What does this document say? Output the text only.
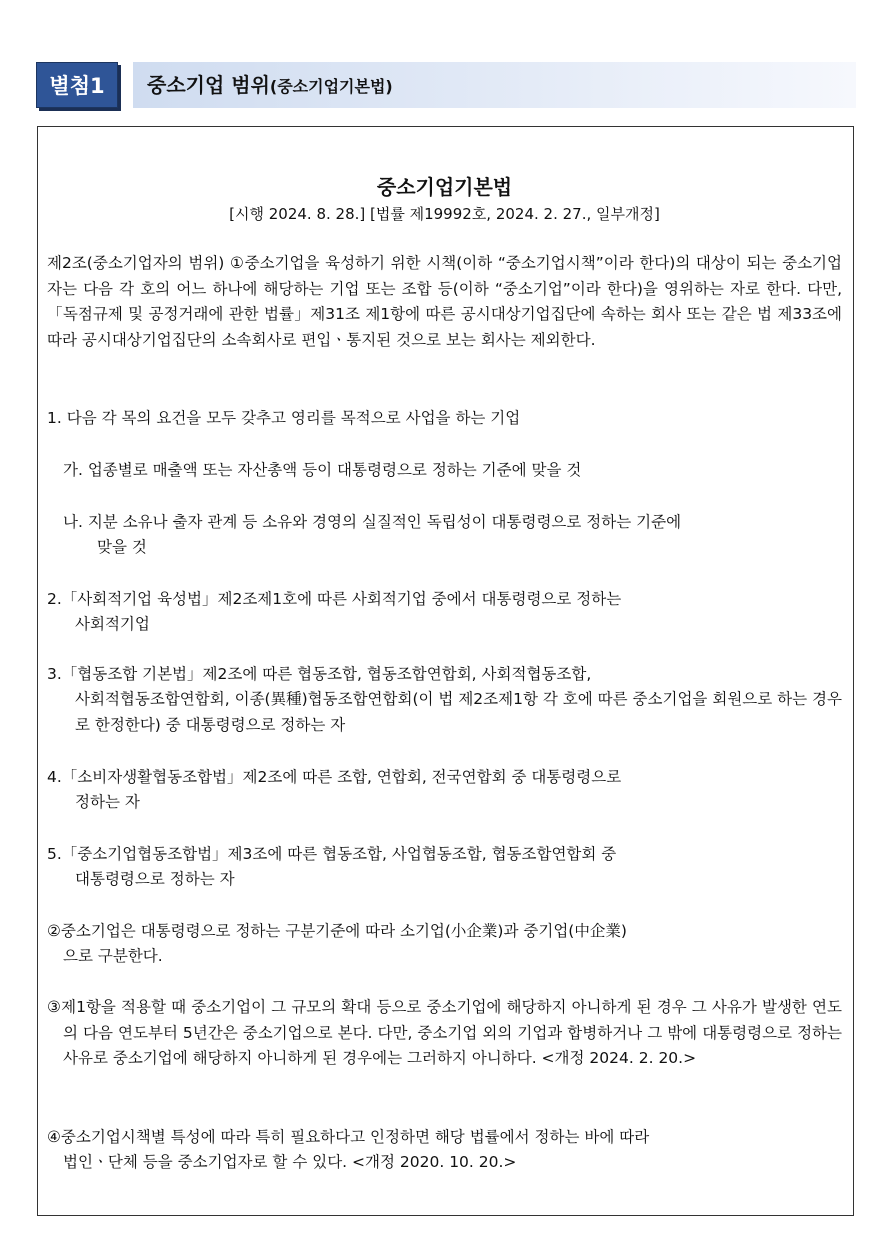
별첨1	중소기업 범위(중소기업기본법)
중소기업기본법
[시행 2024. 8. 28.] [법률 제19992호, 2024. 2. 27., 일부개정]
제2조(중소기업자의 범위) ①중소기업을 육성하기 위한 시책(이하 “중소기업시책”이라 한다)의 대상이 되는 중소기업자는 다음 각 호의 어느 하나에 해당하는 기업 또는 조합 등(이하 “중소기업”이라 한다)을 영위하는 자로 한다. 다만,「독점규제 및 공정거래에 관한 법률」제31조 제1항에 따른 공시대상기업집단에 속하는 회사 또는 같은 법 제33조에 따라 공시대상기업집단의 소속회사로 편입ㆍ통지된 것으로 보는 회사는 제외한다.
1. 다음 각 목의 요건을 모두 갖추고 영리를 목적으로 사업을 하는 기업
가. 업종별로 매출액 또는 자산총액 등이 대통령령으로 정하는 기준에 맞을 것
나. 지분 소유나 출자 관계 등 소유와 경영의 실질적인 독립성이 대통령령으로 정하는 기준에
맞을 것
2.「사회적기업 육성법」제2조제1호에 따른 사회적기업 중에서 대통령령으로 정하는
사회적기업
3.「협동조합 기본법」제2조에 따른 협동조합, 협동조합연합회, 사회적협동조합,
사회적협동조합연합회, 이종(異種)협동조합연합회(이 법 제2조제1항 각 호에 따른 중소기업을 회원으로 하는 경우로 한정한다) 중 대통령령으로 정하는 자
4.「소비자생활협동조합법」제2조에 따른 조합, 연합회, 전국연합회 중 대통령령으로
정하는 자
5.「중소기업협동조합법」제3조에 따른 협동조합, 사업협동조합, 협동조합연합회 중
대통령령으로 정하는 자
②중소기업은 대통령령으로 정하는 구분기준에 따라 소기업(小企業)과 중기업(中企業)
으로 구분한다.
③제1항을 적용할 때 중소기업이 그 규모의 확대 등으로 중소기업에 해당하지 아니하게 된 경우 그 사유가 발생한 연도의 다음 연도부터 5년간은 중소기업으로 본다. 다만, 중소기업 외의 기업과 합병하거나 그 밖에 대통령령으로 정하는 사유로 중소기업에 해당하지 아니하게 된 경우에는 그러하지 아니하다. <개정 2024. 2. 20.>
④중소기업시책별 특성에 따라 특히 필요하다고 인정하면 해당 법률에서 정하는 바에 따라
법인ㆍ단체 등을 중소기업자로 할 수 있다. <개정 2020. 10. 20.>
